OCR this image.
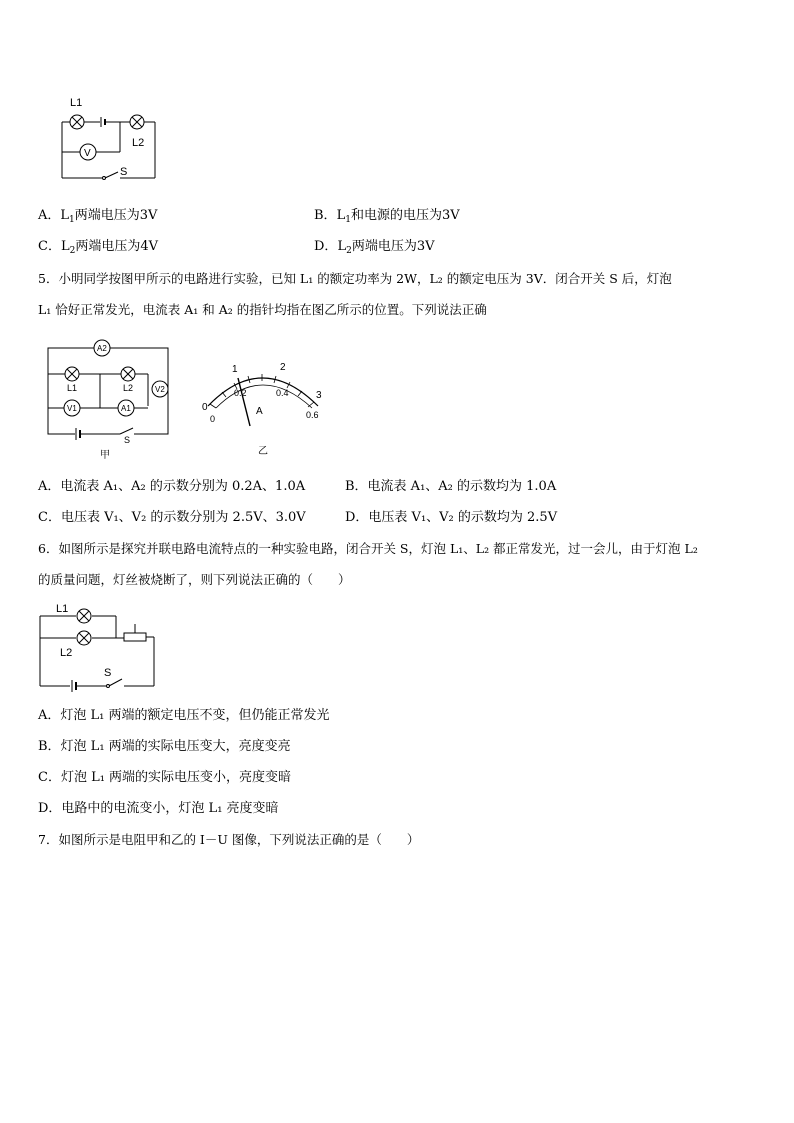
L1
L2
V
S
A．$L_1$两端电压为3V	B．$L_1$和电源的电压为3V
C．$L_2$两端电压为4V	D．$L_2$两端电压为3V
5．小明同学按图甲所示的电路进行实验，已知 L₁ 的额定功率为 2W，L₂ 的额定电压为 3V．闭合开关 S 后，灯泡
L₁ 恰好正常发光，电流表 A₁ 和 A₂ 的指针均指在图乙所示的位置。下列说法正确
A2
V2
L1	L2
V1	A1
S
甲
0
1	2
3
0
0.2	0.4
0.6
A
乙
A．电流表 A₁、A₂ 的示数分别为 0.2A、1.0A	B．电流表 A₁、A₂ 的示数均为 1.0A
C．电压表 V₁、V₂ 的示数分别为 2.5V、3.0V	D．电压表 V₁、V₂ 的示数均为 2.5V
6．如图所示是探究并联电路电流特点的一种实验电路，闭合开关 S，灯泡 L₁、L₂ 都正常发光，过一会儿，由于灯泡 L₂
的质量问题，灯丝被烧断了，则下列说法正确的（　　）
L1
L2
S
A．灯泡 L₁ 两端的额定电压不变，但仍能正常发光
B．灯泡 L₁ 两端的实际电压变大，亮度变亮
C．灯泡 L₁ 两端的实际电压变小，亮度变暗
D．电路中的电流变小，灯泡 L₁ 亮度变暗
7．如图所示是电阻甲和乙的 I－U 图像，下列说法正确的是（　　）
